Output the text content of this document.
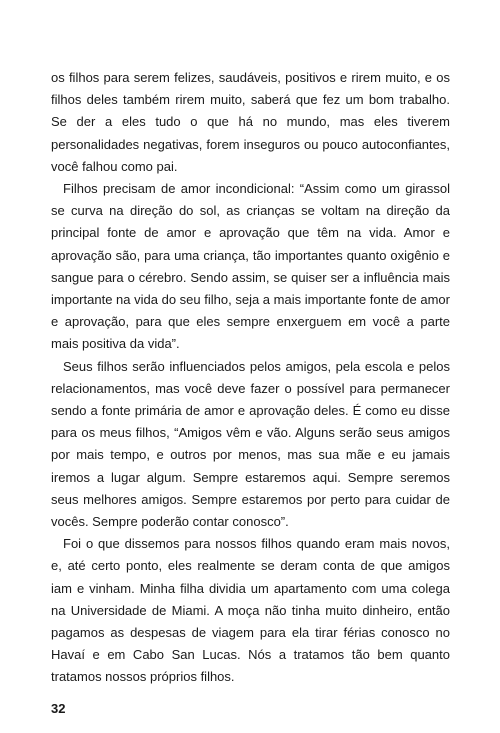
os filhos para serem felizes, saudáveis, positivos e rirem muito, e os filhos deles também rirem muito, saberá que fez um bom trabalho. Se der a eles tudo o que há no mundo, mas eles tiverem personalidades negativas, forem inseguros ou pouco autoconfiantes, você falhou como pai.

Filhos precisam de amor incondicional: “Assim como um girassol se curva na direção do sol, as crianças se voltam na direção da principal fonte de amor e aprovação que têm na vida. Amor e aprovação são, para uma criança, tão importantes quanto oxigênio e sangue para o cérebro. Sendo assim, se quiser ser a influência mais importante na vida do seu filho, seja a mais importante fonte de amor e aprovação, para que eles sempre enxerguem em você a parte mais positiva da vida”.

Seus filhos serão influenciados pelos amigos, pela escola e pelos relacionamentos, mas você deve fazer o possível para permanecer sendo a fonte primária de amor e aprovação deles. É como eu disse para os meus filhos, “Amigos vêm e vão. Alguns serão seus amigos por mais tempo, e outros por menos, mas sua mãe e eu jamais iremos a lugar algum. Sempre estaremos aqui. Sempre seremos seus melhores amigos. Sempre estaremos por perto para cuidar de vocês. Sempre poderão contar conosco”.

Foi o que dissemos para nossos filhos quando eram mais novos, e, até certo ponto, eles realmente se deram conta de que amigos iam e vinham. Minha filha dividia um apartamento com uma colega na Universidade de Miami. A moça não tinha muito dinheiro, então pagamos as despesas de viagem para ela tirar férias conosco no Havaí e em Cabo San Lucas. Nós a tratamos tão bem quanto tratamos nossos próprios filhos.

32
